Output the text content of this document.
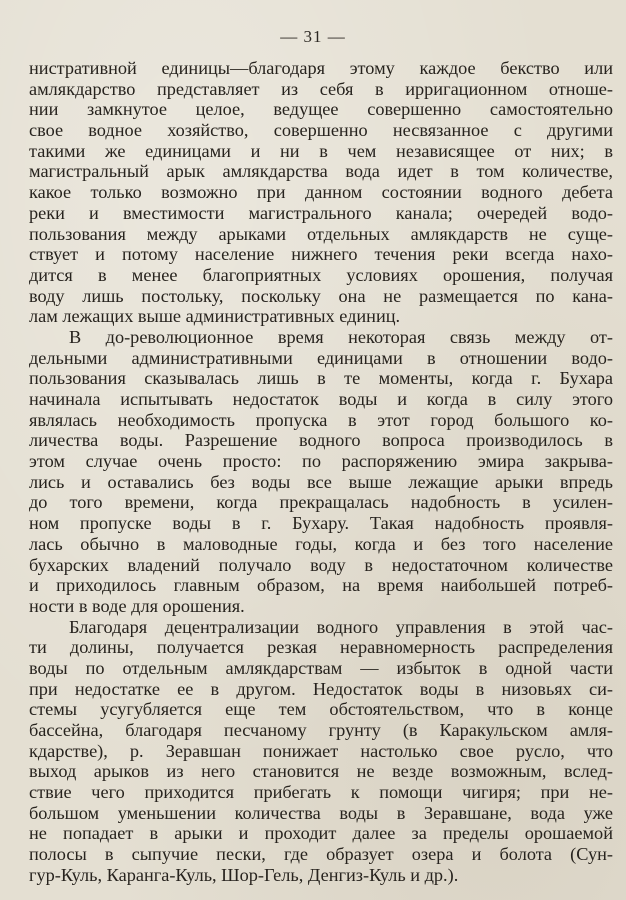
— 31 —
нистративной единицы—благодаря этому каждое бекство или
амлякдарство представляет из себя в ирригационном отноше-
нии замкнутое целое, ведущее совершенно самостоятельно
свое водное хозяйство, совершенно несвязанное с другими
такими же единицами и ни в чем независящее от них; в
магистральный арык амлякдарства вода идет в том количестве,
какое только возможно при данном состоянии водного дебета
реки и вместимости магистрального канала; очередей водо-
пользования между арыками отдельных амлякдарств не суще-
ствует и потому население нижнего течения реки всегда нахо-
дится в менее благоприятных условиях орошения, получая
воду лишь постольку, поскольку она не размещается по кана-
лам лежащих выше административных единиц.
В до-революционное время некоторая связь между от-
дельными административными единицами в отношении водо-
пользования сказывалась лишь в те моменты, когда г. Бухара
начинала испытывать недостаток воды и когда в силу этого
являлась необходимость пропуска в этот город большого ко-
личества воды. Разрешение водного вопроса производилось в
этом случае очень просто: по распоряжению эмира закрыва-
лись и оставались без воды все выше лежащие арыки впредь
до того времени, когда прекращалась надобность в усилен-
ном пропуске воды в г. Бухару. Такая надобность проявля-
лась обычно в маловодные годы, когда и без того население
бухарских владений получало воду в недостаточном количестве
и приходилось главным образом, на время наибольшей потреб-
ности в воде для орошения.
Благодаря децентрализации водного управления в этой час-
ти долины, получается резкая неравномерность распределения
воды по отдельным амлякдарствам — избыток в одной части
при недостатке ее в другом. Недостаток воды в низовьях си-
стемы усугубляется еще тем обстоятельством, что в конце
бассейна, благодаря песчаному грунту (в Каракульском амля-
кдарстве), р. Зеравшан понижает настолько свое русло, что
выход арыков из него становится не везде возможным, вслед-
ствие чего приходится прибегать к помощи чигиря; при не-
большом уменьшении количества воды в Зеравшане, вода уже
не попадает в арыки и проходит далее за пределы орошаемой
полосы в сыпучие пески, где образует озера и болота (Сун-
гур-Куль, Каранга-Куль, Шор-Гель, Денгиз-Куль и др.).
